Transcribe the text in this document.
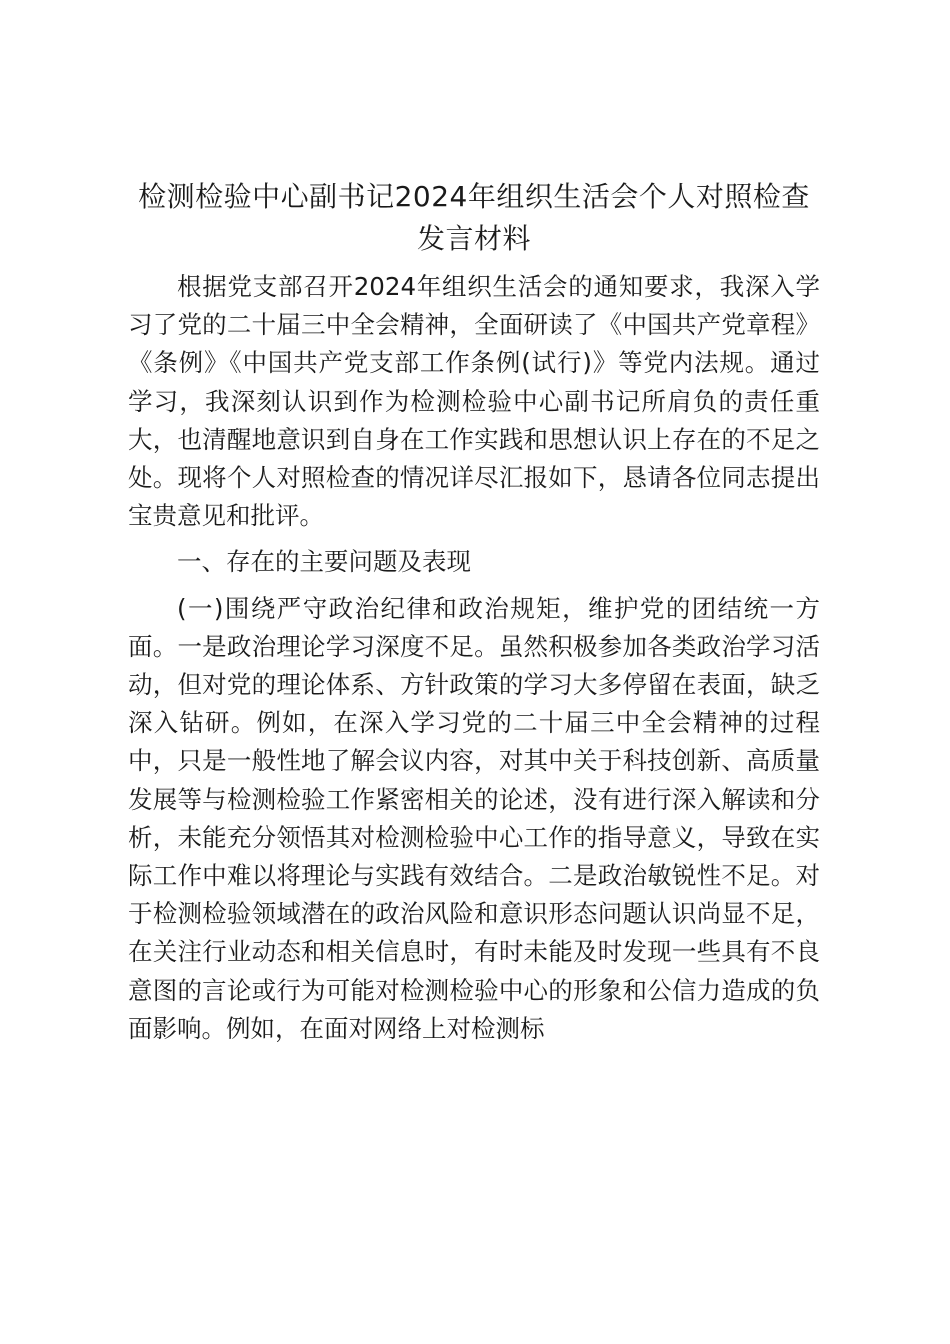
检测检验中心副书记2024年组织生活会个人对照检查
发言材料

根据党支部召开2024年组织生活会的通知要求，我深入学习了党的二十届三中全会精神，全面研读了《中国共产党章程》《条例》《中国共产党支部工作条例(试行)》等党内法规。通过学习，我深刻认识到作为检测检验中心副书记所肩负的责任重大，也清醒地意识到自身在工作实践和思想认识上存在的不足之处。现将个人对照检查的情况详尽汇报如下，恳请各位同志提出宝贵意见和批评。

一、存在的主要问题及表现

(一)围绕严守政治纪律和政治规矩，维护党的团结统一方面。一是政治理论学习深度不足。虽然积极参加各类政治学习活动，但对党的理论体系、方针政策的学习大多停留在表面，缺乏深入钻研。例如，在深入学习党的二十届三中全会精神的过程中，只是一般性地了解会议内容，对其中关于科技创新、高质量发展等与检测检验工作紧密相关的论述，没有进行深入解读和分析，未能充分领悟其对检测检验中心工作的指导意义，导致在实际工作中难以将理论与实践有效结合。二是政治敏锐性不足。对于检测检验领域潜在的政治风险和意识形态问题认识尚显不足，在关注行业动态和相关信息时，有时未能及时发现一些具有不良意图的言论或行为可能对检测检验中心的形象和公信力造成的负面影响。例如，在面对网络上对检测标
